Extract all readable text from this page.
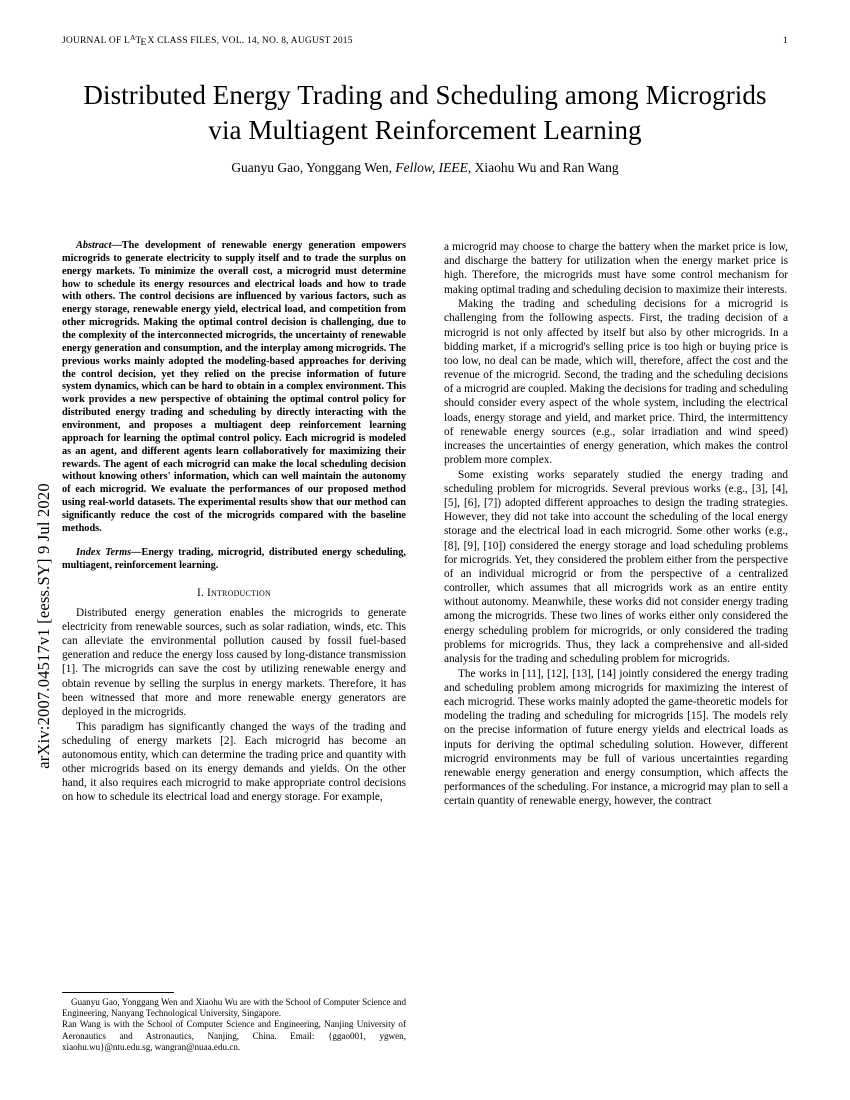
arXiv:2007.04517v1 [eess.SY] 9 Jul 2020
JOURNAL OF $L^ATEX$ CLASS FILES, VOL. 14, NO. 8, AUGUST 2015	1
Distributed Energy Trading and Scheduling among Microgrids via Multiagent Reinforcement Learning
Guanyu Gao, Yonggang Wen, Fellow, IEEE, Xiaohu Wu and Ran Wang

Abstract—The development of renewable energy generation empowers microgrids to generate electricity to supply itself and to trade the surplus on energy markets. To minimize the overall cost, a microgrid must determine how to schedule its energy resources and electrical loads and how to trade with others. The control decisions are influenced by various factors, such as energy storage, renewable energy yield, electrical load, and competition from other microgrids. Making the optimal control decision is challenging, due to the complexity of the interconnected microgrids, the uncertainty of renewable energy generation and consumption, and the interplay among microgrids. The previous works mainly adopted the modeling-based approaches for deriving the control decision, yet they relied on the precise information of future system dynamics, which can be hard to obtain in a complex environment. This work provides a new perspective of obtaining the optimal control policy for distributed energy trading and scheduling by directly interacting with the environment, and proposes a multiagent deep reinforcement learning approach for learning the optimal control policy. Each microgrid is modeled as an agent, and different agents learn collaboratively for maximizing their rewards. The agent of each microgrid can make the local scheduling decision without knowing others' information, which can well maintain the autonomy of each microgrid. We evaluate the performances of our proposed method using real-world datasets. The experimental results show that our method can significantly reduce the cost of the microgrids compared with the baseline methods.

Index Terms—Energy trading, microgrid, distributed energy scheduling, multiagent, reinforcement learning.

I. Introduction

Distributed energy generation enables the microgrids to generate electricity from renewable sources, such as solar radiation, winds, etc. This can alleviate the environmental pollution caused by fossil fuel-based generation and reduce the energy loss caused by long-distance transmission [1]. The microgrids can save the cost by utilizing renewable energy and obtain revenue by selling the surplus in energy markets. Therefore, it has been witnessed that more and more renewable energy generators are deployed in the microgrids.

This paradigm has significantly changed the ways of the trading and scheduling of energy markets [2]. Each microgrid has become an autonomous entity, which can determine the trading price and quantity with other microgrids based on its energy demands and yields. On the other hand, it also requires each microgrid to make appropriate control decisions on how to schedule its electrical load and energy storage. For example,

a microgrid may choose to charge the battery when the market price is low, and discharge the battery for utilization when the energy market price is high. Therefore, the microgrids must have some control mechanism for making optimal trading and scheduling decision to maximize their interests.

Making the trading and scheduling decisions for a microgrid is challenging from the following aspects. First, the trading decision of a microgrid is not only affected by itself but also by other microgrids. In a bidding market, if a microgrid's selling price is too high or buying price is too low, no deal can be made, which will, therefore, affect the cost and the revenue of the microgrid. Second, the trading and the scheduling decisions of a microgrid are coupled. Making the decisions for trading and scheduling should consider every aspect of the whole system, including the electrical loads, energy storage and yield, and market price. Third, the intermittency of renewable energy sources (e.g., solar irradiation and wind speed) increases the uncertainties of energy generation, which makes the control problem more complex.

Some existing works separately studied the energy trading and scheduling problem for microgrids. Several previous works (e.g., [3], [4], [5], [6], [7]) adopted different approaches to design the trading strategies. However, they did not take into account the scheduling of the local energy storage and the electrical load in each microgrid. Some other works (e.g., [8], [9], [10]) considered the energy storage and load scheduling problems for microgrids. Yet, they considered the problem either from the perspective of an individual microgrid or from the perspective of a centralized controller, which assumes that all microgrids work as an entire entity without autonomy. Meanwhile, these works did not consider energy trading among the microgrids. These two lines of works either only considered the energy scheduling problem for microgrids, or only considered the trading problems for microgrids. Thus, they lack a comprehensive and all-sided analysis for the trading and scheduling problem for microgrids.

The works in [11], [12], [13], [14] jointly considered the energy trading and scheduling problem among microgrids for maximizing the interest of each microgrid. These works mainly adopted the game-theoretic models for modeling the trading and scheduling for microgrids [15]. The models rely on the precise information of future energy yields and electrical loads as inputs for deriving the optimal scheduling solution. However, different microgrid environments may be full of various uncertainties regarding renewable energy generation and energy consumption, which affects the performances of the scheduling. For instance, a microgrid may plan to sell a certain quantity of renewable energy, however, the contract

Guanyu Gao, Yonggang Wen and Xiaohu Wu are with the School of Computer Science and Engineering, Nanyang Technological University, Singapore.

Ran Wang is with the School of Computer Science and Engineering, Nanjing University of Aeronautics and Astronautics, Nanjing, China. Email: {ggao001, ygwen, xiaohu.wu}@ntu.edu.sg, wangran@nuaa.edu.cn.
